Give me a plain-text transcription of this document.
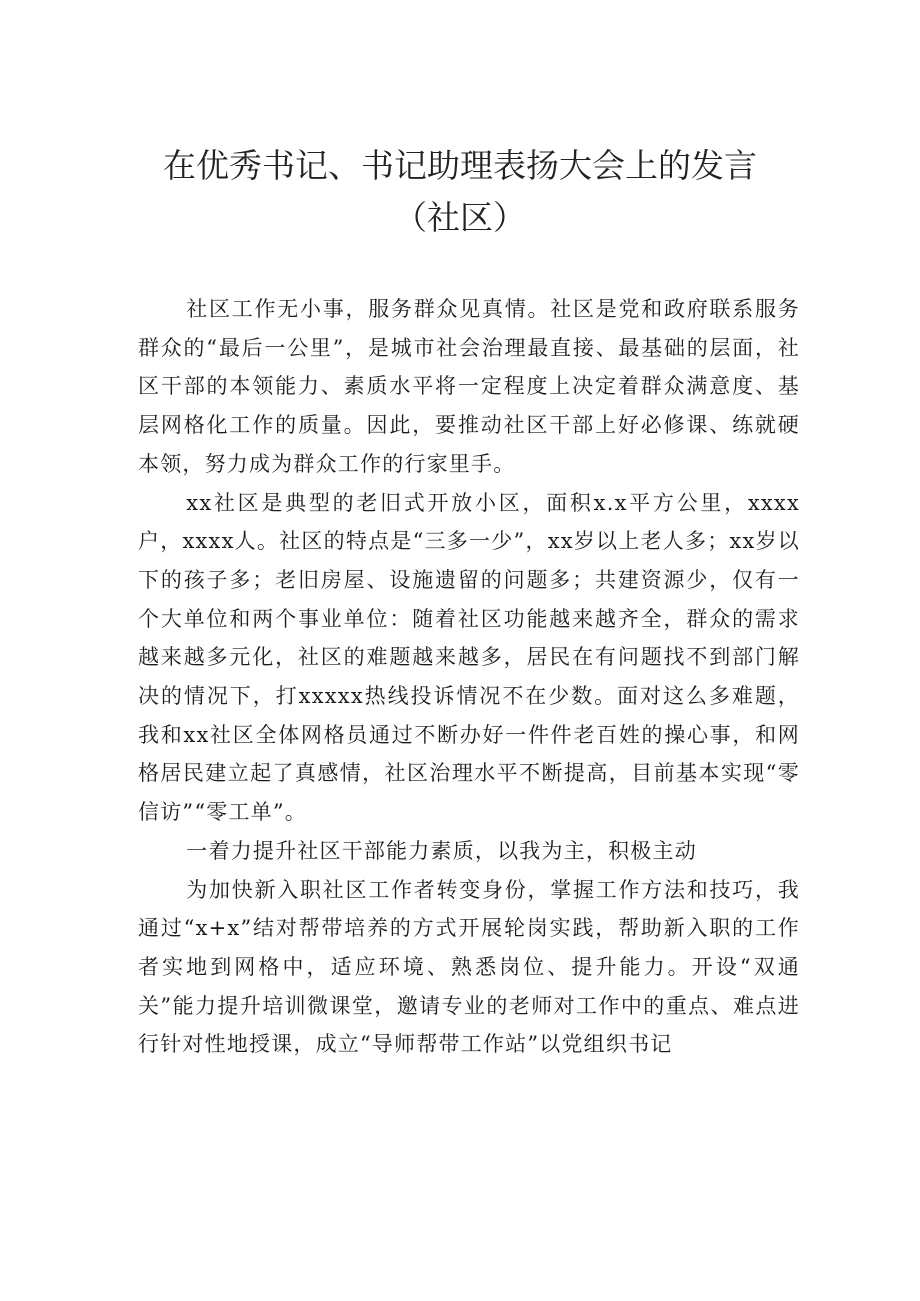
在优秀书记、书记助理表扬大会上的发言
（社区）

社区工作无小事，服务群众见真情。社区是党和政府联系服务群众的“最后一公里”，是城市社会治理最直接、最基础的层面，社区干部的本领能力、素质水平将一定程度上决定着群众满意度、基层网格化工作的质量。因此，要推动社区干部上好必修课、练就硬本领，努力成为群众工作的行家里手。

xx社区是典型的老旧式开放小区，面积x.x平方公里，xxxx户，xxxx人。社区的特点是“三多一少”，xx岁以上老人多；xx岁以下的孩子多；老旧房屋、设施遗留的问题多；共建资源少，仅有一个大单位和两个事业单位：随着社区功能越来越齐全，群众的需求越来越多元化，社区的难题越来越多，居民在有问题找不到部门解决的情况下，打xxxxx热线投诉情况不在少数。面对这么多难题，我和xx社区全体网格员通过不断办好一件件老百姓的操心事，和网格居民建立起了真感情，社区治理水平不断提高，目前基本实现“零信访”“零工单”。

一着力提升社区干部能力素质，以我为主，积极主动

为加快新入职社区工作者转变身份，掌握工作方法和技巧，我通过“x+x”结对帮带培养的方式开展轮岗实践，帮助新入职的工作者实地到网格中，适应环境、熟悉岗位、提升能力。开设“双通关”能力提升培训微课堂，邀请专业的老师对工作中的重点、难点进行针对性地授课，成立“导师帮带工作站”以党组织书记
